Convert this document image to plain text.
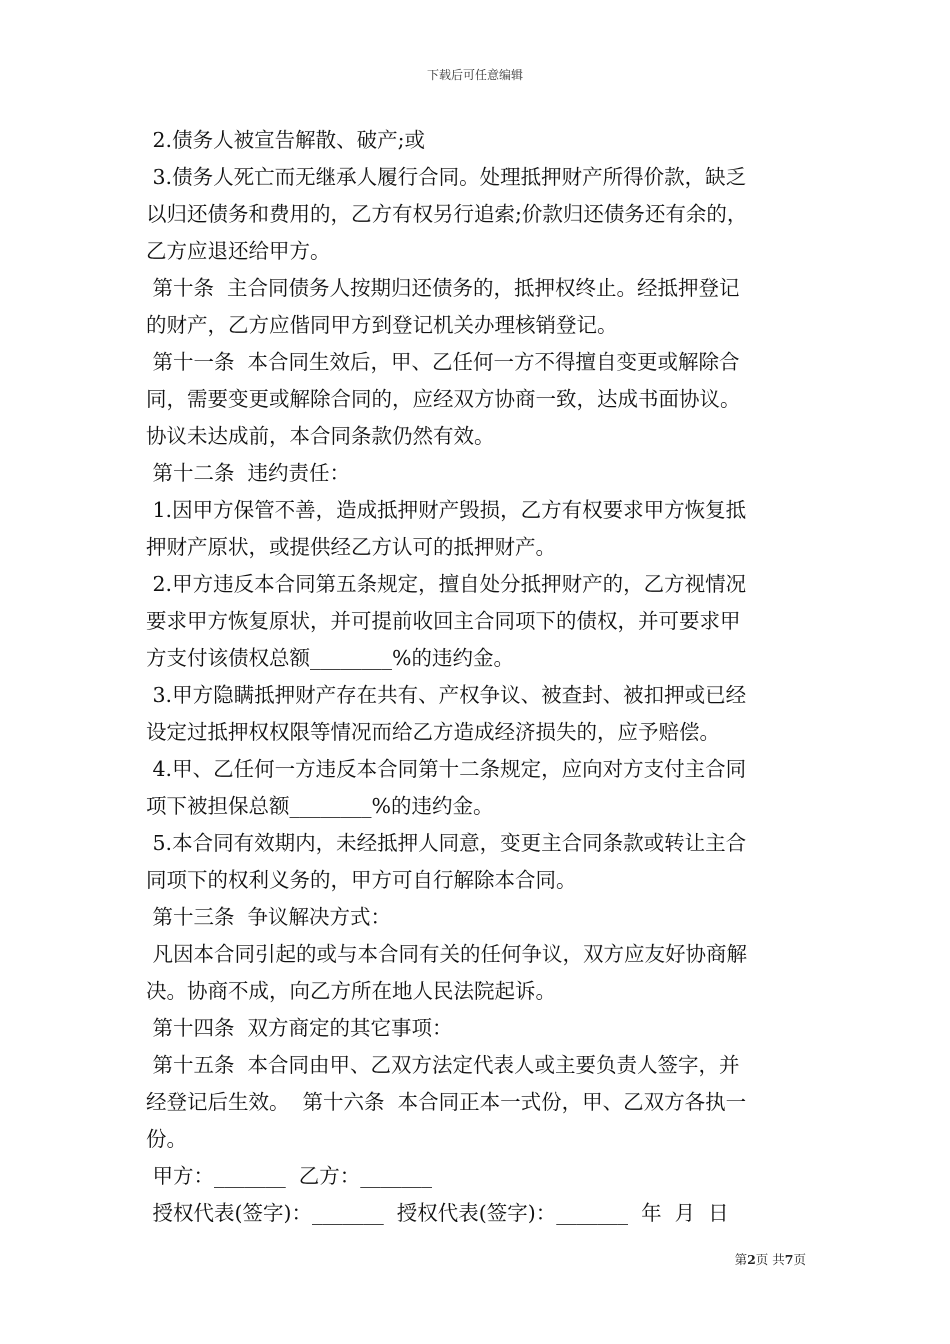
下载后可任意编辑
2.债务人被宣告解散、破产;或
3.债务人死亡而无继承人履行合同。处理抵押财产所得价款，缺乏
以归还债务和费用的，乙方有权另行追索;价款归还债务还有余的，
乙方应退还给甲方。
第十条  主合同债务人按期归还债务的，抵押权终止。经抵押登记
的财产，乙方应偕同甲方到登记机关办理核销登记。
第十一条  本合同生效后，甲、乙任何一方不得擅自变更或解除合
同，需要变更或解除合同的，应经双方协商一致，达成书面协议。
协议未达成前，本合同条款仍然有效。
第十二条  违约责任：
1.因甲方保管不善，造成抵押财产毁损，乙方有权要求甲方恢复抵
押财产原状，或提供经乙方认可的抵押财产。
2.甲方违反本合同第五条规定，擅自处分抵押财产的，乙方视情况
要求甲方恢复原状，并可提前收回主合同项下的债权，并可要求甲
方支付该债权总额________%的违约金。
3.甲方隐瞒抵押财产存在共有、产权争议、被查封、被扣押或已经
设定过抵押权权限等情况而给乙方造成经济损失的，应予赔偿。
4.甲、乙任何一方违反本合同第十二条规定，应向对方支付主合同
项下被担保总额________%的违约金。
5.本合同有效期内，未经抵押人同意，变更主合同条款或转让主合
同项下的权利义务的，甲方可自行解除本合同。
第十三条  争议解决方式：
凡因本合同引起的或与本合同有关的任何争议，双方应友好协商解
决。协商不成，向乙方所在地人民法院起诉。
第十四条  双方商定的其它事项：
第十五条  本合同由甲、乙双方法定代表人或主要负责人签字，并
经登记后生效。  第十六条  本合同正本一式份，甲、乙双方各执一
份。
甲方：_______  乙方：_______
授权代表(签字)：_______  授权代表(签字)：_______  年  月  日
第2页 共7页
